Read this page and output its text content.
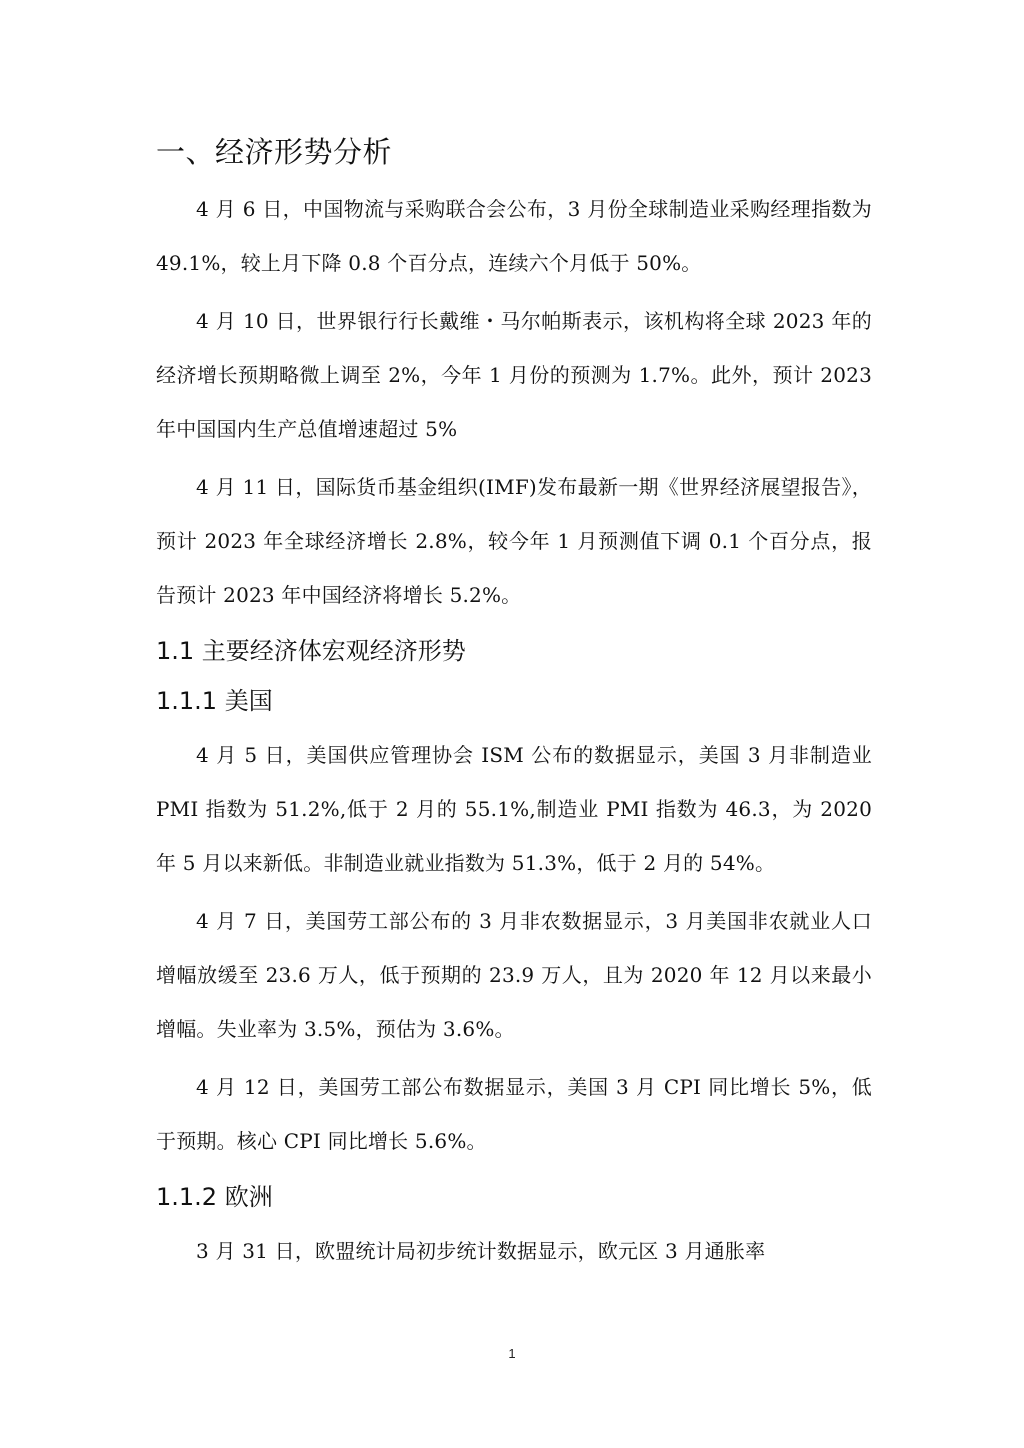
一、经济形势分析

4 月 6 日，中国物流与采购联合会公布，3 月份全球制造业采购经理指数为 49.1%，较上月下降 0.8 个百分点，连续六个月低于 50%。

4 月 10 日，世界银行行长戴维・马尔帕斯表示，该机构将全球 2023 年的经济增长预期略微上调至 2%，今年 1 月份的预测为 1.7%。此外，预计 2023 年中国国内生产总值增速超过 5%

4 月 11 日，国际货币基金组织(IMF)发布最新一期《世界经济展望报告》，预计 2023 年全球经济增长 2.8%，较今年 1 月预测值下调 0.1 个百分点，报告预计 2023 年中国经济将增长 5.2%。

1.1 主要经济体宏观经济形势
1.1.1 美国

4 月 5 日，美国供应管理协会 ISM 公布的数据显示，美国 3 月非制造业 PMI 指数为 51.2%,低于 2 月的 55.1%,制造业 PMI 指数为 46.3，为 2020 年 5 月以来新低。非制造业就业指数为 51.3%，低于 2 月的 54%。

4 月 7 日，美国劳工部公布的 3 月非农数据显示，3 月美国非农就业人口增幅放缓至 23.6 万人，低于预期的 23.9 万人，且为 2020 年 12 月以来最小增幅。失业率为 3.5%，预估为 3.6%。

4 月 12 日，美国劳工部公布数据显示，美国 3 月 CPI 同比增长 5%，低于预期。核心 CPI 同比增长 5.6%。

1.1.2 欧洲

3 月 31 日，欧盟统计局初步统计数据显示，欧元区 3 月通胀率

1
